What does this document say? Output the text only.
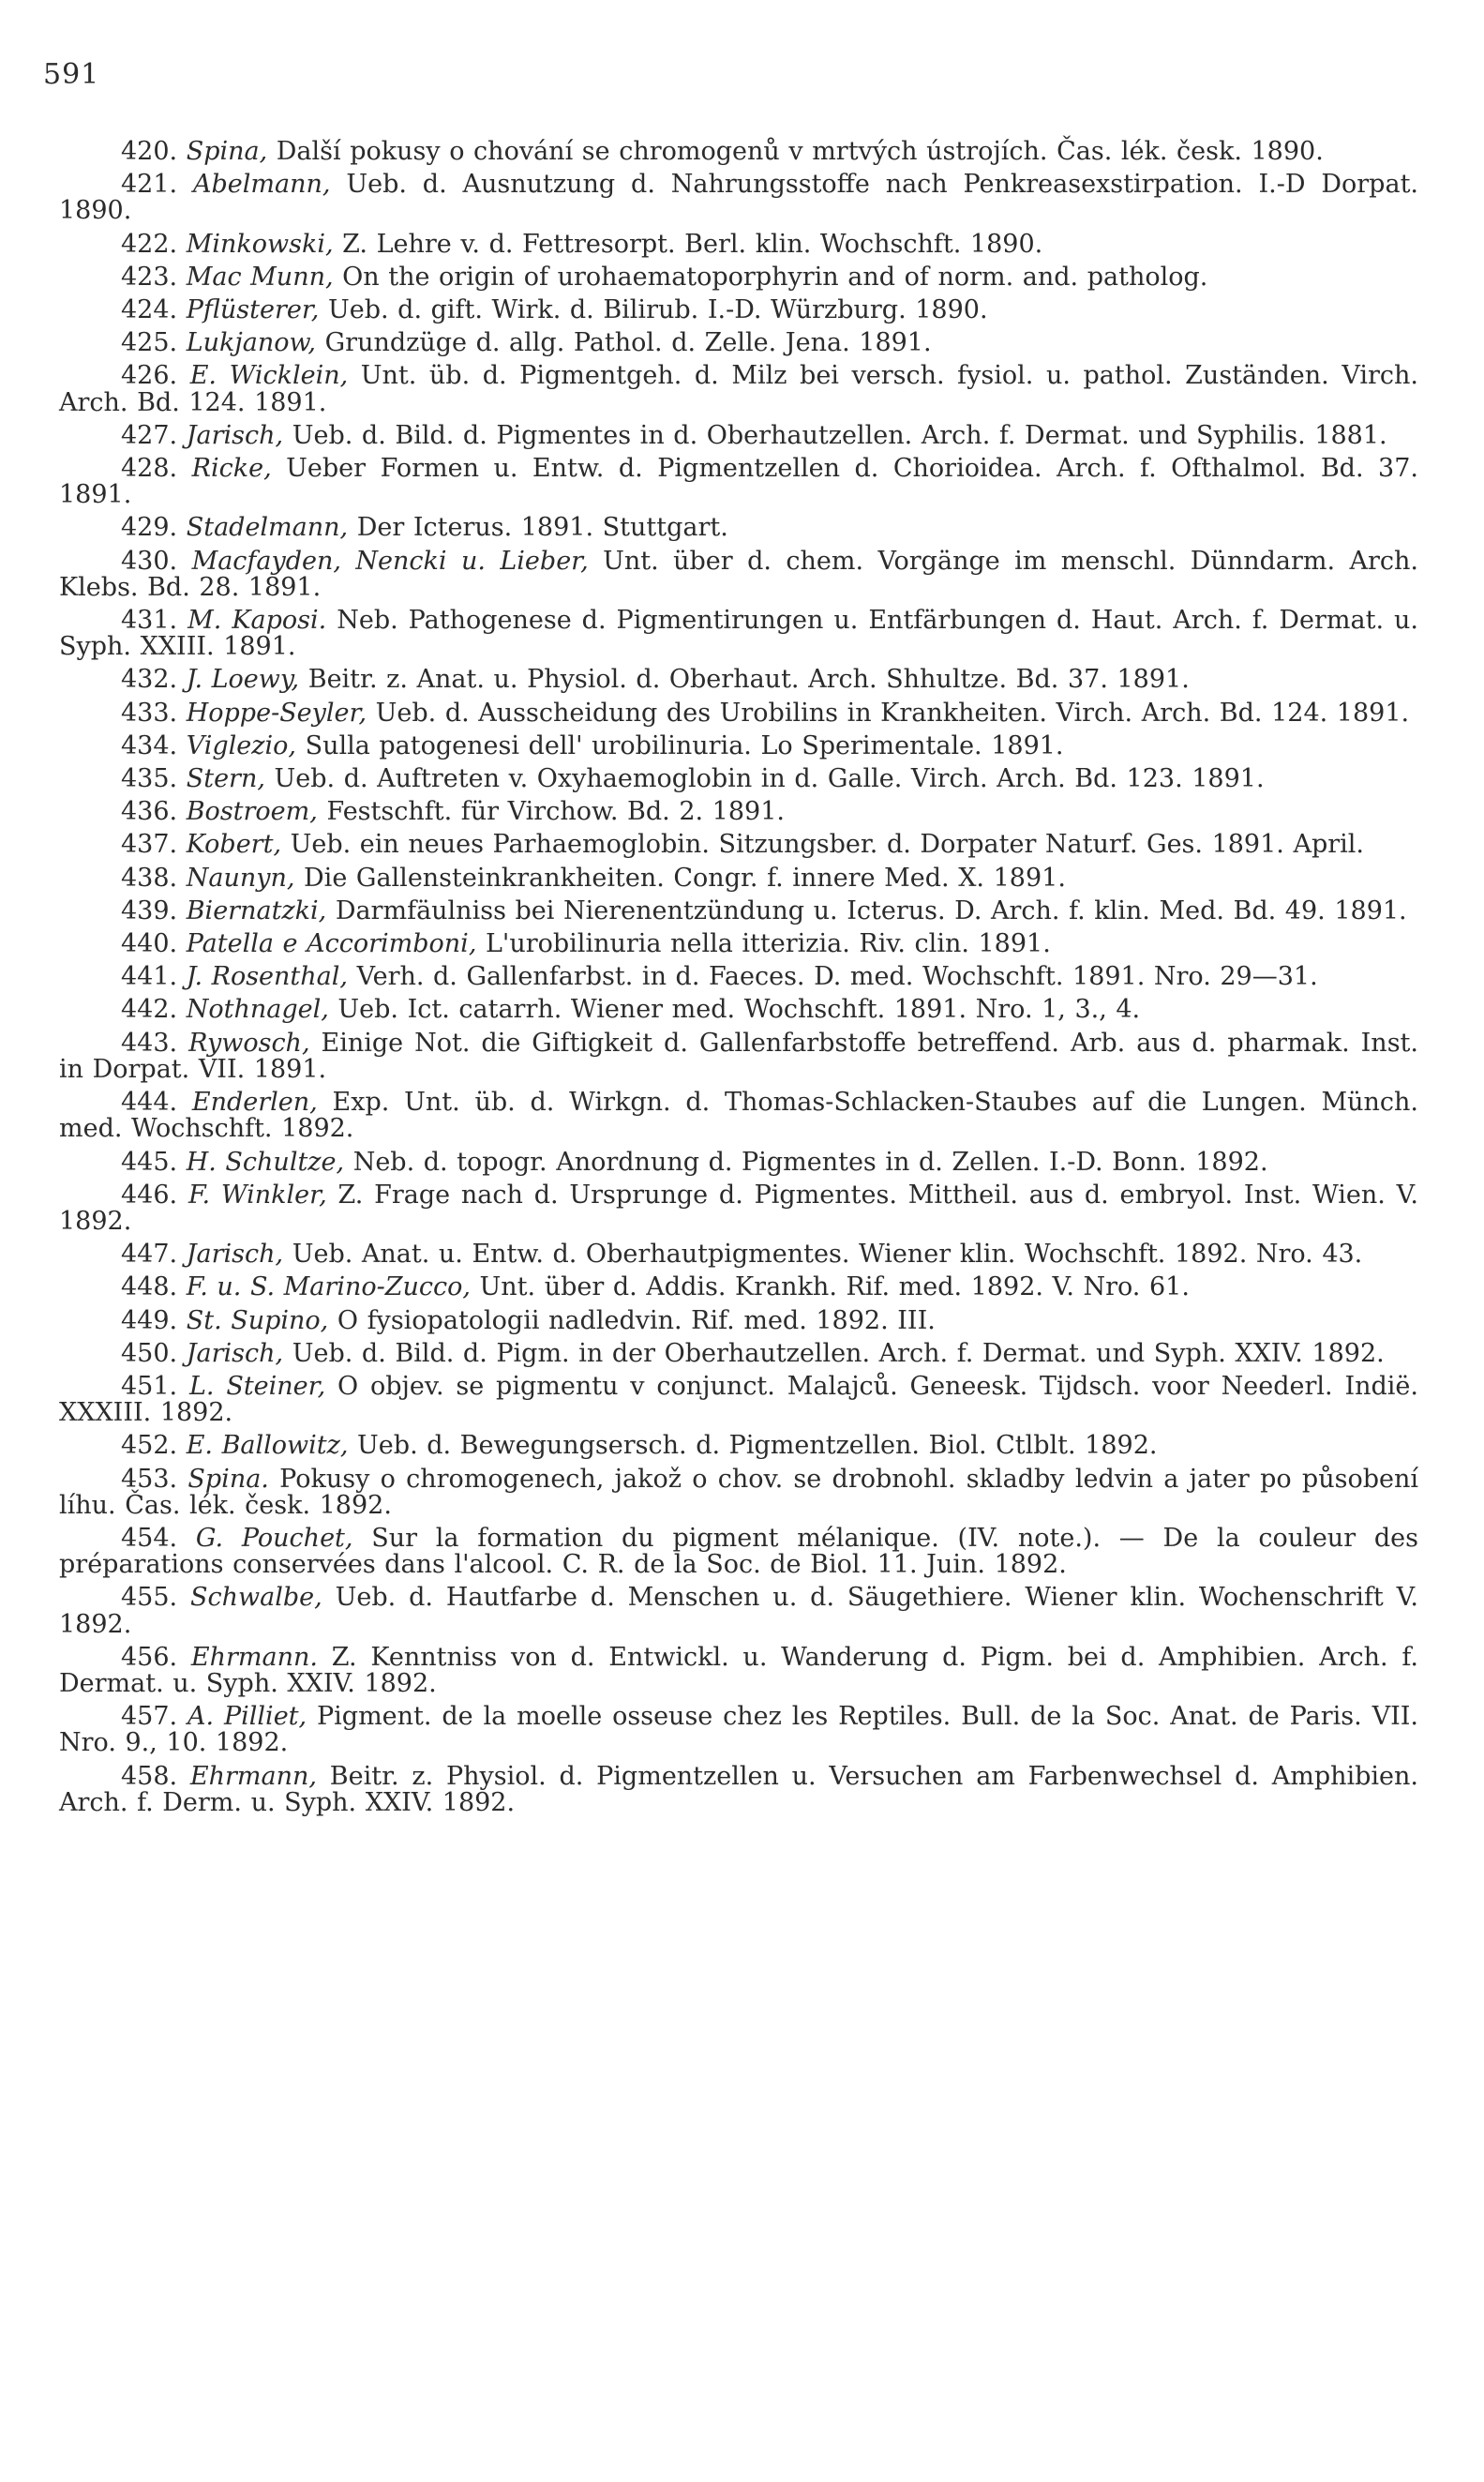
591

420. Spina, Další pokusy o chování se chromogenů v mrtvých ústrojích. Čas. lék. česk. 1890.

421. Abelmann, Ueb. d. Ausnutzung d. Nahrungsstoffe nach Penkreasexstirpation. I.-D Dorpat. 1890.

422. Minkowski, Z. Lehre v. d. Fettresorpt. Berl. klin. Wochschft. 1890.

423. Mac Munn, On the origin of urohaematoporphyrin and of norm. and. patholog.

424. Pflüsterer, Ueb. d. gift. Wirk. d. Bilirub. I.-D. Würzburg. 1890.

425. Lukjanow, Grundzüge d. allg. Pathol. d. Zelle. Jena. 1891.

426. E. Wicklein, Unt. üb. d. Pigmentgeh. d. Milz bei versch. fysiol. u. pathol. Zuständen. Virch. Arch. Bd. 124. 1891.

427. Jarisch, Ueb. d. Bild. d. Pigmentes in d. Oberhautzellen. Arch. f. Dermat. und Syphilis. 1881.

428. Ricke, Ueber Formen u. Entw. d. Pigmentzellen d. Chorioidea. Arch. f. Ofthalmol. Bd. 37. 1891.

429. Stadelmann, Der Icterus. 1891. Stuttgart.

430. Macfayden, Nencki u. Lieber, Unt. über d. chem. Vorgänge im menschl. Dünndarm. Arch. Klebs. Bd. 28. 1891.

431. M. Kaposi. Neb. Pathogenese d. Pigmentirungen u. Entfärbungen d. Haut. Arch. f. Dermat. u. Syph. XXIII. 1891.

432. J. Loewy, Beitr. z. Anat. u. Physiol. d. Oberhaut. Arch. Shhultze. Bd. 37. 1891.

433. Hoppe-Seyler, Ueb. d. Ausscheidung des Urobilins in Krankheiten. Virch. Arch. Bd. 124. 1891.

434. Viglezio, Sulla patogenesi dell' urobilinuria. Lo Sperimentale. 1891.

435. Stern, Ueb. d. Auftreten v. Oxyhaemoglobin in d. Galle. Virch. Arch. Bd. 123. 1891.

436. Bostroem, Festschft. für Virchow. Bd. 2. 1891.

437. Kobert, Ueb. ein neues Parhaemoglobin. Sitzungsber. d. Dorpater Naturf. Ges. 1891. April.

438. Naunyn, Die Gallensteinkrankheiten. Congr. f. innere Med. X. 1891.

439. Biernatzki, Darmfäulniss bei Nierenentzündung u. Icterus. D. Arch. f. klin. Med. Bd. 49. 1891.

440. Patella e Accorimboni, L'urobilinuria nella itterizia. Riv. clin. 1891.

441. J. Rosenthal, Verh. d. Gallenfarbst. in d. Faeces. D. med. Wochschft. 1891. Nro. 29—31.

442. Nothnagel, Ueb. Ict. catarrh. Wiener med. Wochschft. 1891. Nro. 1, 3., 4.

443. Rywosch, Einige Not. die Giftigkeit d. Gallenfarbstoffe betreffend. Arb. aus d. pharmak. Inst. in Dorpat. VII. 1891.

444. Enderlen, Exp. Unt. üb. d. Wirkgn. d. Thomas-Schlacken-Staubes auf die Lungen. Münch. med. Wochschft. 1892.

445. H. Schultze, Neb. d. topogr. Anordnung d. Pigmentes in d. Zellen. I.-D. Bonn. 1892.

446. F. Winkler, Z. Frage nach d. Ursprunge d. Pigmentes. Mittheil. aus d. embryol. Inst. Wien. V. 1892.

447. Jarisch, Ueb. Anat. u. Entw. d. Oberhautpigmentes. Wiener klin. Wochschft. 1892. Nro. 43.

448. F. u. S. Marino-Zucco, Unt. über d. Addis. Krankh. Rif. med. 1892. V. Nro. 61.

449. St. Supino, O fysiopatologii nadledvin. Rif. med. 1892. III.

450. Jarisch, Ueb. d. Bild. d. Pigm. in der Oberhautzellen. Arch. f. Dermat. und Syph. XXIV. 1892.

451. L. Steiner, O objev. se pigmentu v conjunct. Malajců. Geneesk. Tijdsch. voor Neederl. Indië. XXXIII. 1892.

452. E. Ballowitz, Ueb. d. Bewegungsersch. d. Pigmentzellen. Biol. Ctlblt. 1892.

453. Spina. Pokusy o chromogenech, jakož o chov. se drobnohl. skladby ledvin a jater po působení líhu. Čas. lék. česk. 1892.

454. G. Pouchet, Sur la formation du pigment mélanique. (IV. note.). — De la couleur des préparations conservées dans l'alcool. C. R. de la Soc. de Biol. 11. Juin. 1892.

455. Schwalbe, Ueb. d. Hautfarbe d. Menschen u. d. Säugethiere. Wiener klin. Wochenschrift V. 1892.

456. Ehrmann. Z. Kenntniss von d. Entwickl. u. Wanderung d. Pigm. bei d. Amphibien. Arch. f. Dermat. u. Syph. XXIV. 1892.

457. A. Pilliet, Pigment. de la moelle osseuse chez les Reptiles. Bull. de la Soc. Anat. de Paris. VII. Nro. 9., 10. 1892.

458. Ehrmann, Beitr. z. Physiol. d. Pigmentzellen u. Versuchen am Farbenwechsel d. Amphibien. Arch. f. Derm. u. Syph. XXIV. 1892.
